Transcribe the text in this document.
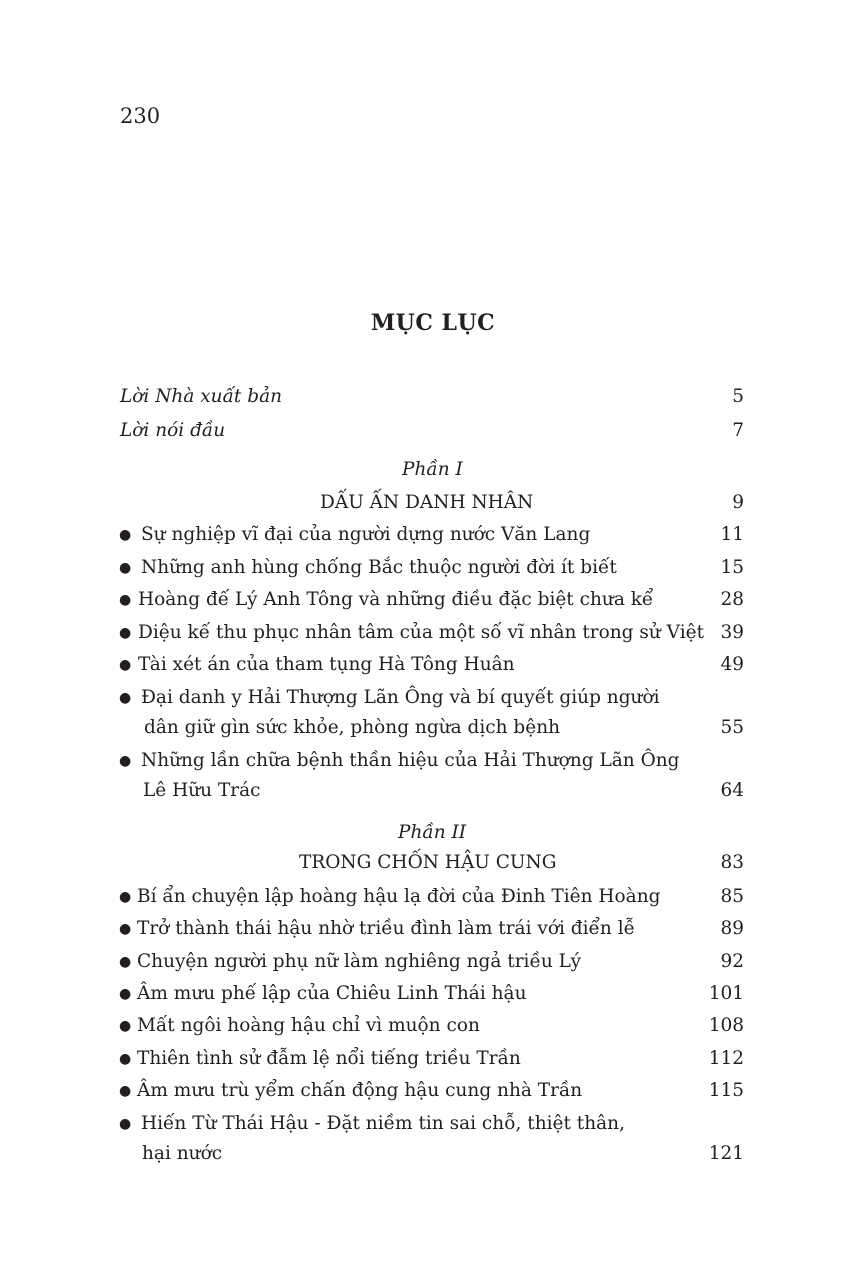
230
MỤC LỤC
Lời Nhà xuất bản	5
Lời nói đầu	7
Phần I
DẤU ẤN DANH NHÂN	9
● Sự nghiệp vĩ đại của người dựng nước Văn Lang	11
● Những anh hùng chống Bắc thuộc người đời ít biết	15
● Hoàng đế Lý Anh Tông và những điều đặc biệt chưa kể	28
● Diệu kế thu phục nhân tâm của một số vĩ nhân trong sử Việt 39
● Tài xét án của tham tụng Hà Tông Huân	49
● Đại danh y Hải Thượng Lãn Ông và bí quyết giúp người
dân giữ gìn sức khỏe, phòng ngừa dịch bệnh	55
● Những lần chữa bệnh thần hiệu của Hải Thượng Lãn Ông
Lê Hữu Trác	64
Phần II
TRONG CHỐN HẬU CUNG	83
● Bí ẩn chuyện lập hoàng hậu lạ đời của Đinh Tiên Hoàng	85
● Trở thành thái hậu nhờ triều đình làm trái với điển lễ	89
● Chuyện người phụ nữ làm nghiêng ngả triều Lý	92
● Âm mưu phế lập của Chiêu Linh Thái hậu	101
● Mất ngôi hoàng hậu chỉ vì muộn con	108
● Thiên tình sử đẫm lệ nổi tiếng triều Trần	112
● Âm mưu trù yểm chấn động hậu cung nhà Trần	115
● Hiến Từ Thái Hậu - Đặt niềm tin sai chỗ, thiệt thân,
hại nước	121
